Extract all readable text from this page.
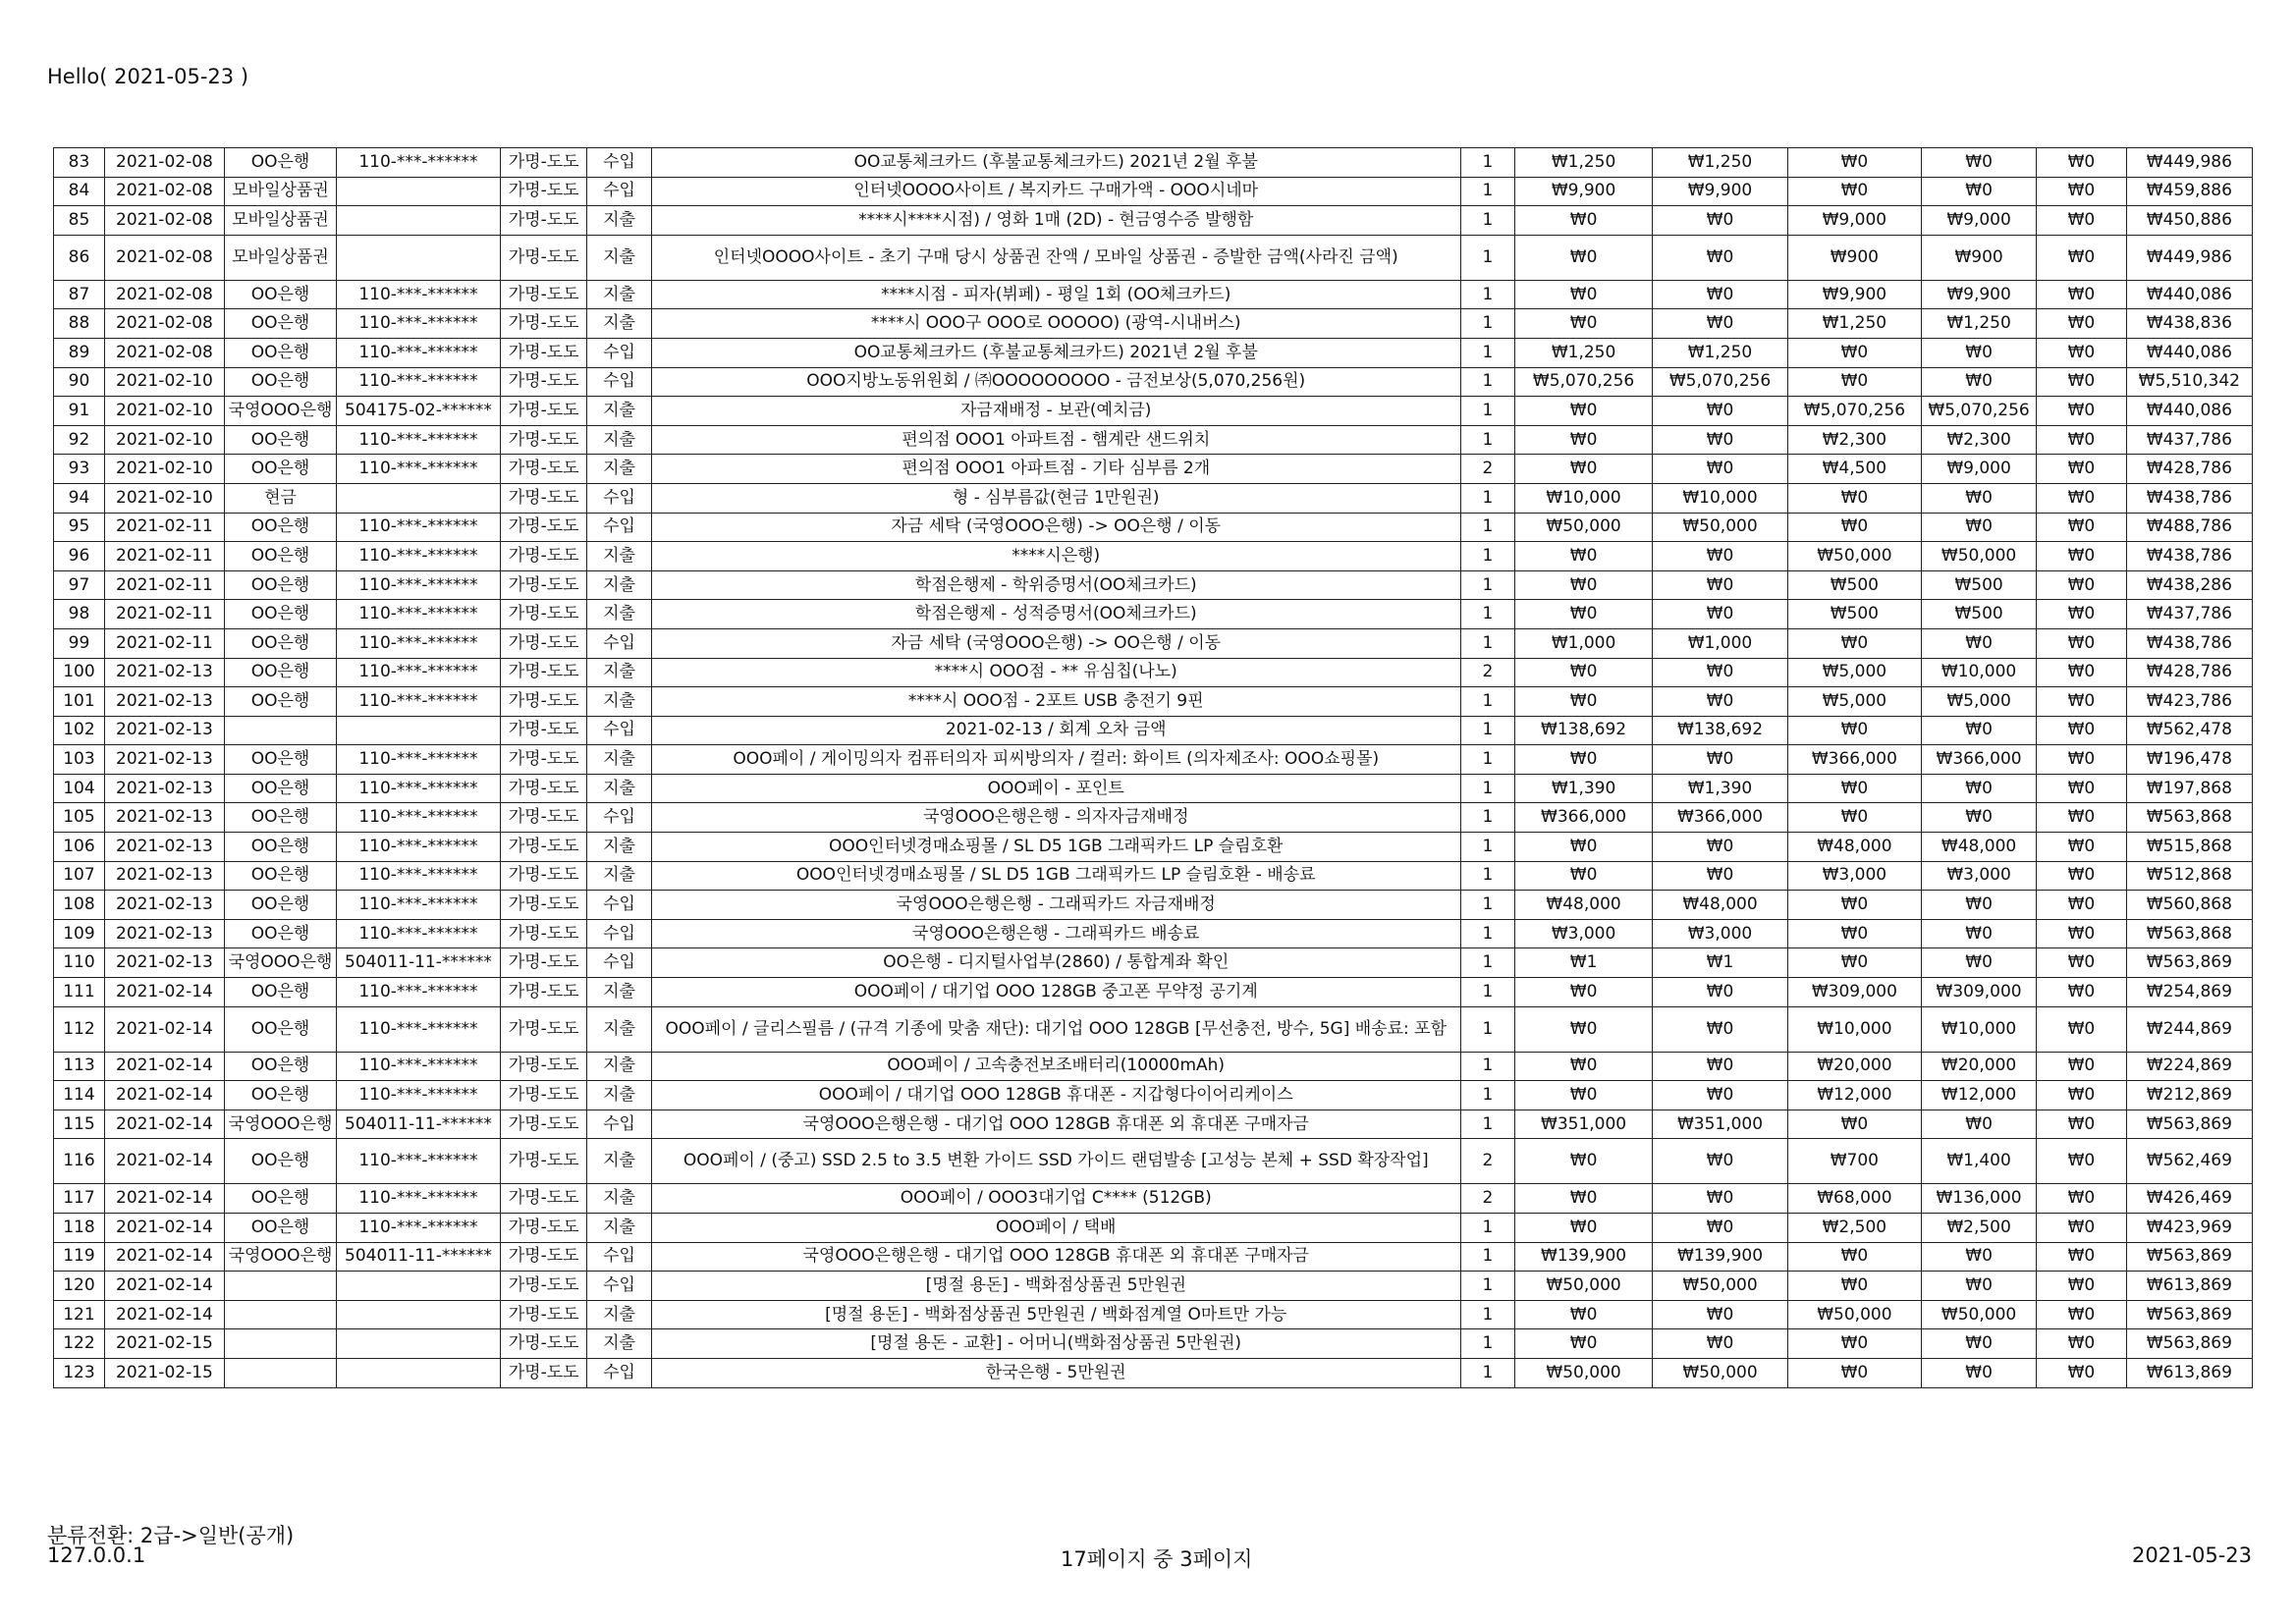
Hello( 2021-05-23 )
83	2021-02-08	OO은행	110-***-******	가명-도도	수입	OO교통체크카드 (후불교통체크카드) 2021년 2월 후불	1	₩1,250	₩1,250	₩0	₩0	₩0	₩449,986
84	2021-02-08	모바일상품권		가명-도도	수입	인터넷OOOO사이트 / 복지카드 구매가액 - OOO시네마	1	₩9,900	₩9,900	₩0	₩0	₩0	₩459,886
85	2021-02-08	모바일상품권		가명-도도	지출	****시****시점) / 영화 1매 (2D) - 현금영수증 발행함	1	₩0	₩0	₩9,000	₩9,000	₩0	₩450,886
86	2021-02-08	모바일상품권		가명-도도	지출	인터넷OOOO사이트 - 초기 구매 당시 상품권 잔액 / 모바일 상품권 - 증발한 금액(사라진 금액)	1	₩0	₩0	₩900	₩900	₩0	₩449,986
87	2021-02-08	OO은행	110-***-******	가명-도도	지출	****시점 - 피자(뷔페) - 평일 1회 (OO체크카드)	1	₩0	₩0	₩9,900	₩9,900	₩0	₩440,086
88	2021-02-08	OO은행	110-***-******	가명-도도	지출	****시 OOO구 OOO로 OOOOO) (광역-시내버스)	1	₩0	₩0	₩1,250	₩1,250	₩0	₩438,836
89	2021-02-08	OO은행	110-***-******	가명-도도	수입	OO교통체크카드 (후불교통체크카드) 2021년 2월 후불	1	₩1,250	₩1,250	₩0	₩0	₩0	₩440,086
90	2021-02-10	OO은행	110-***-******	가명-도도	수입	OOO지방노동위원회 / ㈜OOOOOOOOO - 금전보상(5,070,256원)	1	₩5,070,256	₩5,070,256	₩0	₩0	₩0	₩5,510,342
91	2021-02-10	국영OOO은행	504175-02-******	가명-도도	지출	자금재배정 - 보관(예치금)	1	₩0	₩0	₩5,070,256	₩5,070,256	₩0	₩440,086
92	2021-02-10	OO은행	110-***-******	가명-도도	지출	편의점 OOO1 아파트점 - 햄계란 샌드위치	1	₩0	₩0	₩2,300	₩2,300	₩0	₩437,786
93	2021-02-10	OO은행	110-***-******	가명-도도	지출	편의점 OOO1 아파트점 - 기타 심부름 2개	2	₩0	₩0	₩4,500	₩9,000	₩0	₩428,786
94	2021-02-10	현금		가명-도도	수입	형 - 심부름값(현금 1만원권)	1	₩10,000	₩10,000	₩0	₩0	₩0	₩438,786
95	2021-02-11	OO은행	110-***-******	가명-도도	수입	자금 세탁 (국영OOO은행) -> OO은행 / 이동	1	₩50,000	₩50,000	₩0	₩0	₩0	₩488,786
96	2021-02-11	OO은행	110-***-******	가명-도도	지출	****시은행)	1	₩0	₩0	₩50,000	₩50,000	₩0	₩438,786
97	2021-02-11	OO은행	110-***-******	가명-도도	지출	학점은행제 - 학위증명서(OO체크카드)	1	₩0	₩0	₩500	₩500	₩0	₩438,286
98	2021-02-11	OO은행	110-***-******	가명-도도	지출	학점은행제 - 성적증명서(OO체크카드)	1	₩0	₩0	₩500	₩500	₩0	₩437,786
99	2021-02-11	OO은행	110-***-******	가명-도도	수입	자금 세탁 (국영OOO은행) -> OO은행 / 이동	1	₩1,000	₩1,000	₩0	₩0	₩0	₩438,786
100	2021-02-13	OO은행	110-***-******	가명-도도	지출	****시 OOO점 - ** 유심칩(나노)	2	₩0	₩0	₩5,000	₩10,000	₩0	₩428,786
101	2021-02-13	OO은행	110-***-******	가명-도도	지출	****시 OOO점 - 2포트 USB 충전기 9핀	1	₩0	₩0	₩5,000	₩5,000	₩0	₩423,786
102	2021-02-13			가명-도도	수입	2021-02-13 / 회계 오차 금액	1	₩138,692	₩138,692	₩0	₩0	₩0	₩562,478
103	2021-02-13	OO은행	110-***-******	가명-도도	지출	OOO페이 / 게이밍의자 컴퓨터의자 피씨방의자 / 컬러: 화이트 (의자제조사: OOO쇼핑몰)	1	₩0	₩0	₩366,000	₩366,000	₩0	₩196,478
104	2021-02-13	OO은행	110-***-******	가명-도도	지출	OOO페이 - 포인트	1	₩1,390	₩1,390	₩0	₩0	₩0	₩197,868
105	2021-02-13	OO은행	110-***-******	가명-도도	수입	국영OOO은행은행 - 의자자금재배정	1	₩366,000	₩366,000	₩0	₩0	₩0	₩563,868
106	2021-02-13	OO은행	110-***-******	가명-도도	지출	OOO인터넷경매쇼핑몰 / SL D5 1GB 그래픽카드 LP 슬림호환	1	₩0	₩0	₩48,000	₩48,000	₩0	₩515,868
107	2021-02-13	OO은행	110-***-******	가명-도도	지출	OOO인터넷경매쇼핑몰 / SL D5 1GB 그래픽카드 LP 슬림호환 - 배송료	1	₩0	₩0	₩3,000	₩3,000	₩0	₩512,868
108	2021-02-13	OO은행	110-***-******	가명-도도	수입	국영OOO은행은행 - 그래픽카드 자금재배정	1	₩48,000	₩48,000	₩0	₩0	₩0	₩560,868
109	2021-02-13	OO은행	110-***-******	가명-도도	수입	국영OOO은행은행 - 그래픽카드 배송료	1	₩3,000	₩3,000	₩0	₩0	₩0	₩563,868
110	2021-02-13	국영OOO은행	504011-11-******	가명-도도	수입	OO은행 - 디지털사업부(2860) / 통합계좌 확인	1	₩1	₩1	₩0	₩0	₩0	₩563,869
111	2021-02-14	OO은행	110-***-******	가명-도도	지출	OOO페이 / 대기업 OOO 128GB 중고폰 무약정 공기계	1	₩0	₩0	₩309,000	₩309,000	₩0	₩254,869
112	2021-02-14	OO은행	110-***-******	가명-도도	지출	OOO페이 / 글리스필름 / (규격 기종에 맞춤 재단): 대기업 OOO 128GB [무선충전, 방수, 5G] 배송료: 포함	1	₩0	₩0	₩10,000	₩10,000	₩0	₩244,869
113	2021-02-14	OO은행	110-***-******	가명-도도	지출	OOO페이 / 고속충전보조배터리(10000mAh)	1	₩0	₩0	₩20,000	₩20,000	₩0	₩224,869
114	2021-02-14	OO은행	110-***-******	가명-도도	지출	OOO페이 / 대기업 OOO 128GB 휴대폰 - 지갑형다이어리케이스	1	₩0	₩0	₩12,000	₩12,000	₩0	₩212,869
115	2021-02-14	국영OOO은행	504011-11-******	가명-도도	수입	국영OOO은행은행 - 대기업 OOO 128GB 휴대폰 외 휴대폰 구매자금	1	₩351,000	₩351,000	₩0	₩0	₩0	₩563,869
116	2021-02-14	OO은행	110-***-******	가명-도도	지출	OOO페이 / (중고) SSD 2.5 to 3.5 변환 가이드 SSD 가이드 랜덤발송 [고성능 본체 + SSD 확장작업]	2	₩0	₩0	₩700	₩1,400	₩0	₩562,469
117	2021-02-14	OO은행	110-***-******	가명-도도	지출	OOO페이 / OOO3대기업 C**** (512GB)	2	₩0	₩0	₩68,000	₩136,000	₩0	₩426,469
118	2021-02-14	OO은행	110-***-******	가명-도도	지출	OOO페이 / 택배	1	₩0	₩0	₩2,500	₩2,500	₩0	₩423,969
119	2021-02-14	국영OOO은행	504011-11-******	가명-도도	수입	국영OOO은행은행 - 대기업 OOO 128GB 휴대폰 외 휴대폰 구매자금	1	₩139,900	₩139,900	₩0	₩0	₩0	₩563,869
120	2021-02-14			가명-도도	수입	[명절 용돈] - 백화점상품권 5만원권	1	₩50,000	₩50,000	₩0	₩0	₩0	₩613,869
121	2021-02-14			가명-도도	지출	[명절 용돈] - 백화점상품권 5만원권 / 백화점계열 O마트만 가능	1	₩0	₩0	₩50,000	₩50,000	₩0	₩563,869
122	2021-02-15			가명-도도	지출	[명절 용돈 - 교환] - 어머니(백화점상품권 5만원권)	1	₩0	₩0	₩0	₩0	₩0	₩563,869
123	2021-02-15			가명-도도	수입	한국은행 - 5만원권	1	₩50,000	₩50,000	₩0	₩0	₩0	₩613,869
분류전환: 2급->일반(공개)
127.0.0.1	17페이지 중 3페이지	2021-05-23
